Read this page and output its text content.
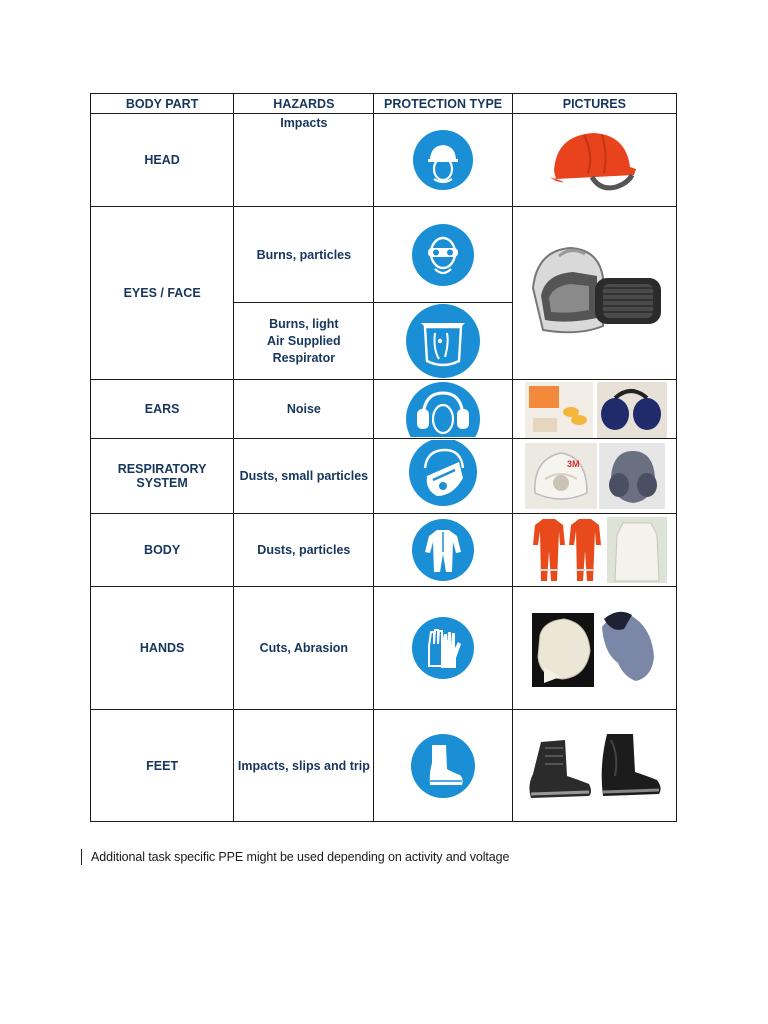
BODY PART	HAZARDS	PROTECTION TYPE	PICTURES
HEAD	Impacts	

EYES / FACE	Burns, particles	

	Burns, light
Air Supplied
Respirator

EARS	Noise	

RESPIRATORY SYSTEM	Dusts, small particles		3M

BODY	Dusts, particles	

HANDS	Cuts, Abrasion	

FEET	Impacts, slips and trip	

Additional task specific PPE might be used depending on activity and voltage
